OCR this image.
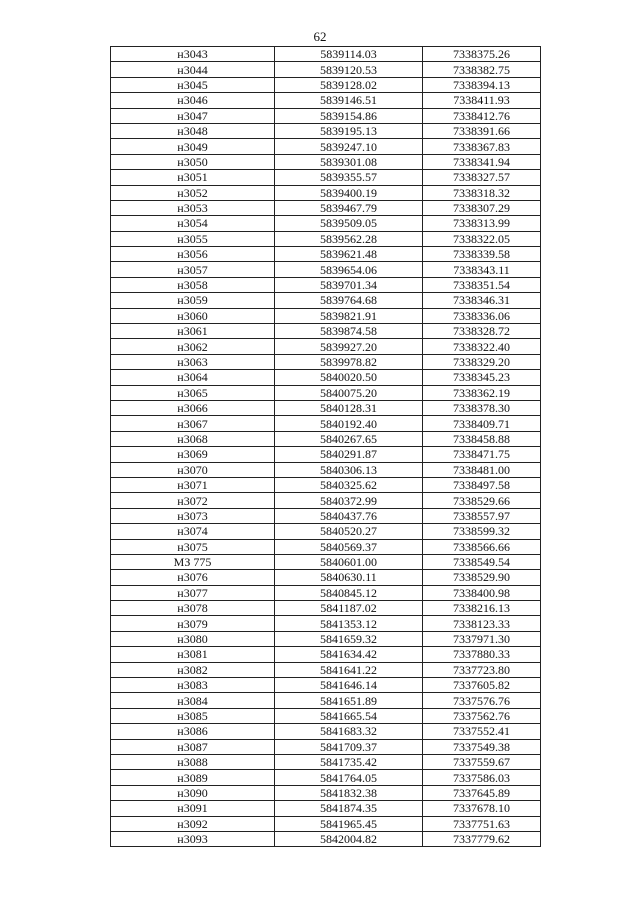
62
н3043	5839114.03	7338375.26
н3044	5839120.53	7338382.75
н3045	5839128.02	7338394.13
н3046	5839146.51	7338411.93
н3047	5839154.86	7338412.76
н3048	5839195.13	7338391.66
н3049	5839247.10	7338367.83
н3050	5839301.08	7338341.94
н3051	5839355.57	7338327.57
н3052	5839400.19	7338318.32
н3053	5839467.79	7338307.29
н3054	5839509.05	7338313.99
н3055	5839562.28	7338322.05
н3056	5839621.48	7338339.58
н3057	5839654.06	7338343.11
н3058	5839701.34	7338351.54
н3059	5839764.68	7338346.31
н3060	5839821.91	7338336.06
н3061	5839874.58	7338328.72
н3062	5839927.20	7338322.40
н3063	5839978.82	7338329.20
н3064	5840020.50	7338345.23
н3065	5840075.20	7338362.19
н3066	5840128.31	7338378.30
н3067	5840192.40	7338409.71
н3068	5840267.65	7338458.88
н3069	5840291.87	7338471.75
н3070	5840306.13	7338481.00
н3071	5840325.62	7338497.58
н3072	5840372.99	7338529.66
н3073	5840437.76	7338557.97
н3074	5840520.27	7338599.32
н3075	5840569.37	7338566.66
МЗ 775	5840601.00	7338549.54
н3076	5840630.11	7338529.90
н3077	5840845.12	7338400.98
н3078	5841187.02	7338216.13
н3079	5841353.12	7338123.33
н3080	5841659.32	7337971.30
н3081	5841634.42	7337880.33
н3082	5841641.22	7337723.80
н3083	5841646.14	7337605.82
н3084	5841651.89	7337576.76
н3085	5841665.54	7337562.76
н3086	5841683.32	7337552.41
н3087	5841709.37	7337549.38
н3088	5841735.42	7337559.67
н3089	5841764.05	7337586.03
н3090	5841832.38	7337645.89
н3091	5841874.35	7337678.10
н3092	5841965.45	7337751.63
н3093	5842004.82	7337779.62
